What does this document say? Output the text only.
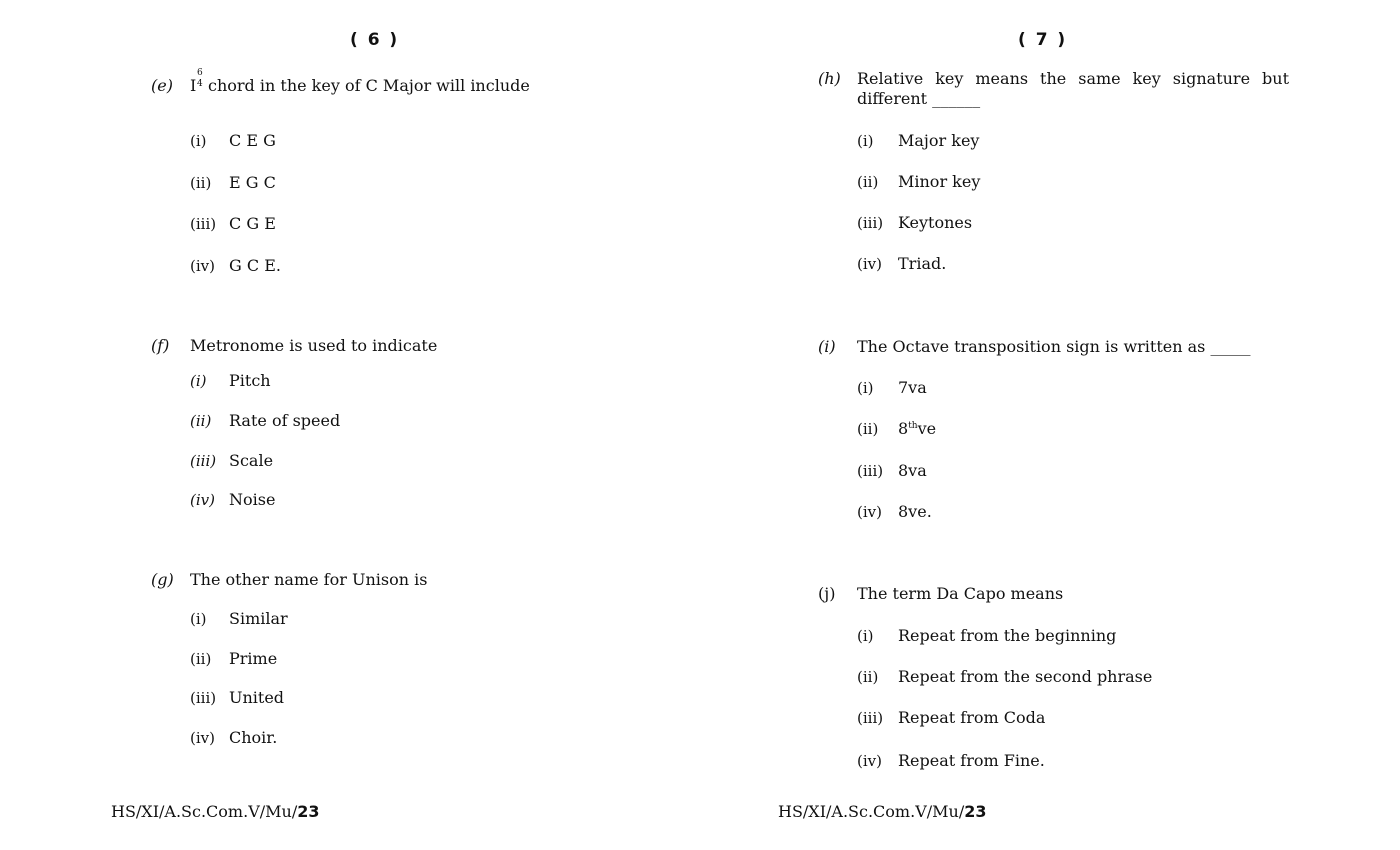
( 6 )
(e) I
6
4 chord in the key of C Major will include
(i) C E G
(ii) E G C
(iii) C G E
(iv) G C E.
(f) Metronome is used to indicate
(i) Pitch
(ii) Rate of speed
(iii) Scale
(iv) Noise
(g) The other name for Unison is
(i) Similar
(ii) Prime
(iii) United
(iv) Choir.
HS/XI/A.Sc.Com.V/Mu/23
( 7 )
(h) Relative key means the same key signature but
different ______
(i) Major key
(ii) Minor key
(iii) Keytones
(iv) Triad.
(i) The Octave transposition sign is written as _____
(i) 7va
(ii) 8thve
(iii) 8va
(iv) 8ve.
(j) The term Da Capo means
(i) Repeat from the beginning
(ii) Repeat from the second phrase
(iii) Repeat from Coda
(iv) Repeat from Fine.
HS/XI/A.Sc.Com.V/Mu/23
